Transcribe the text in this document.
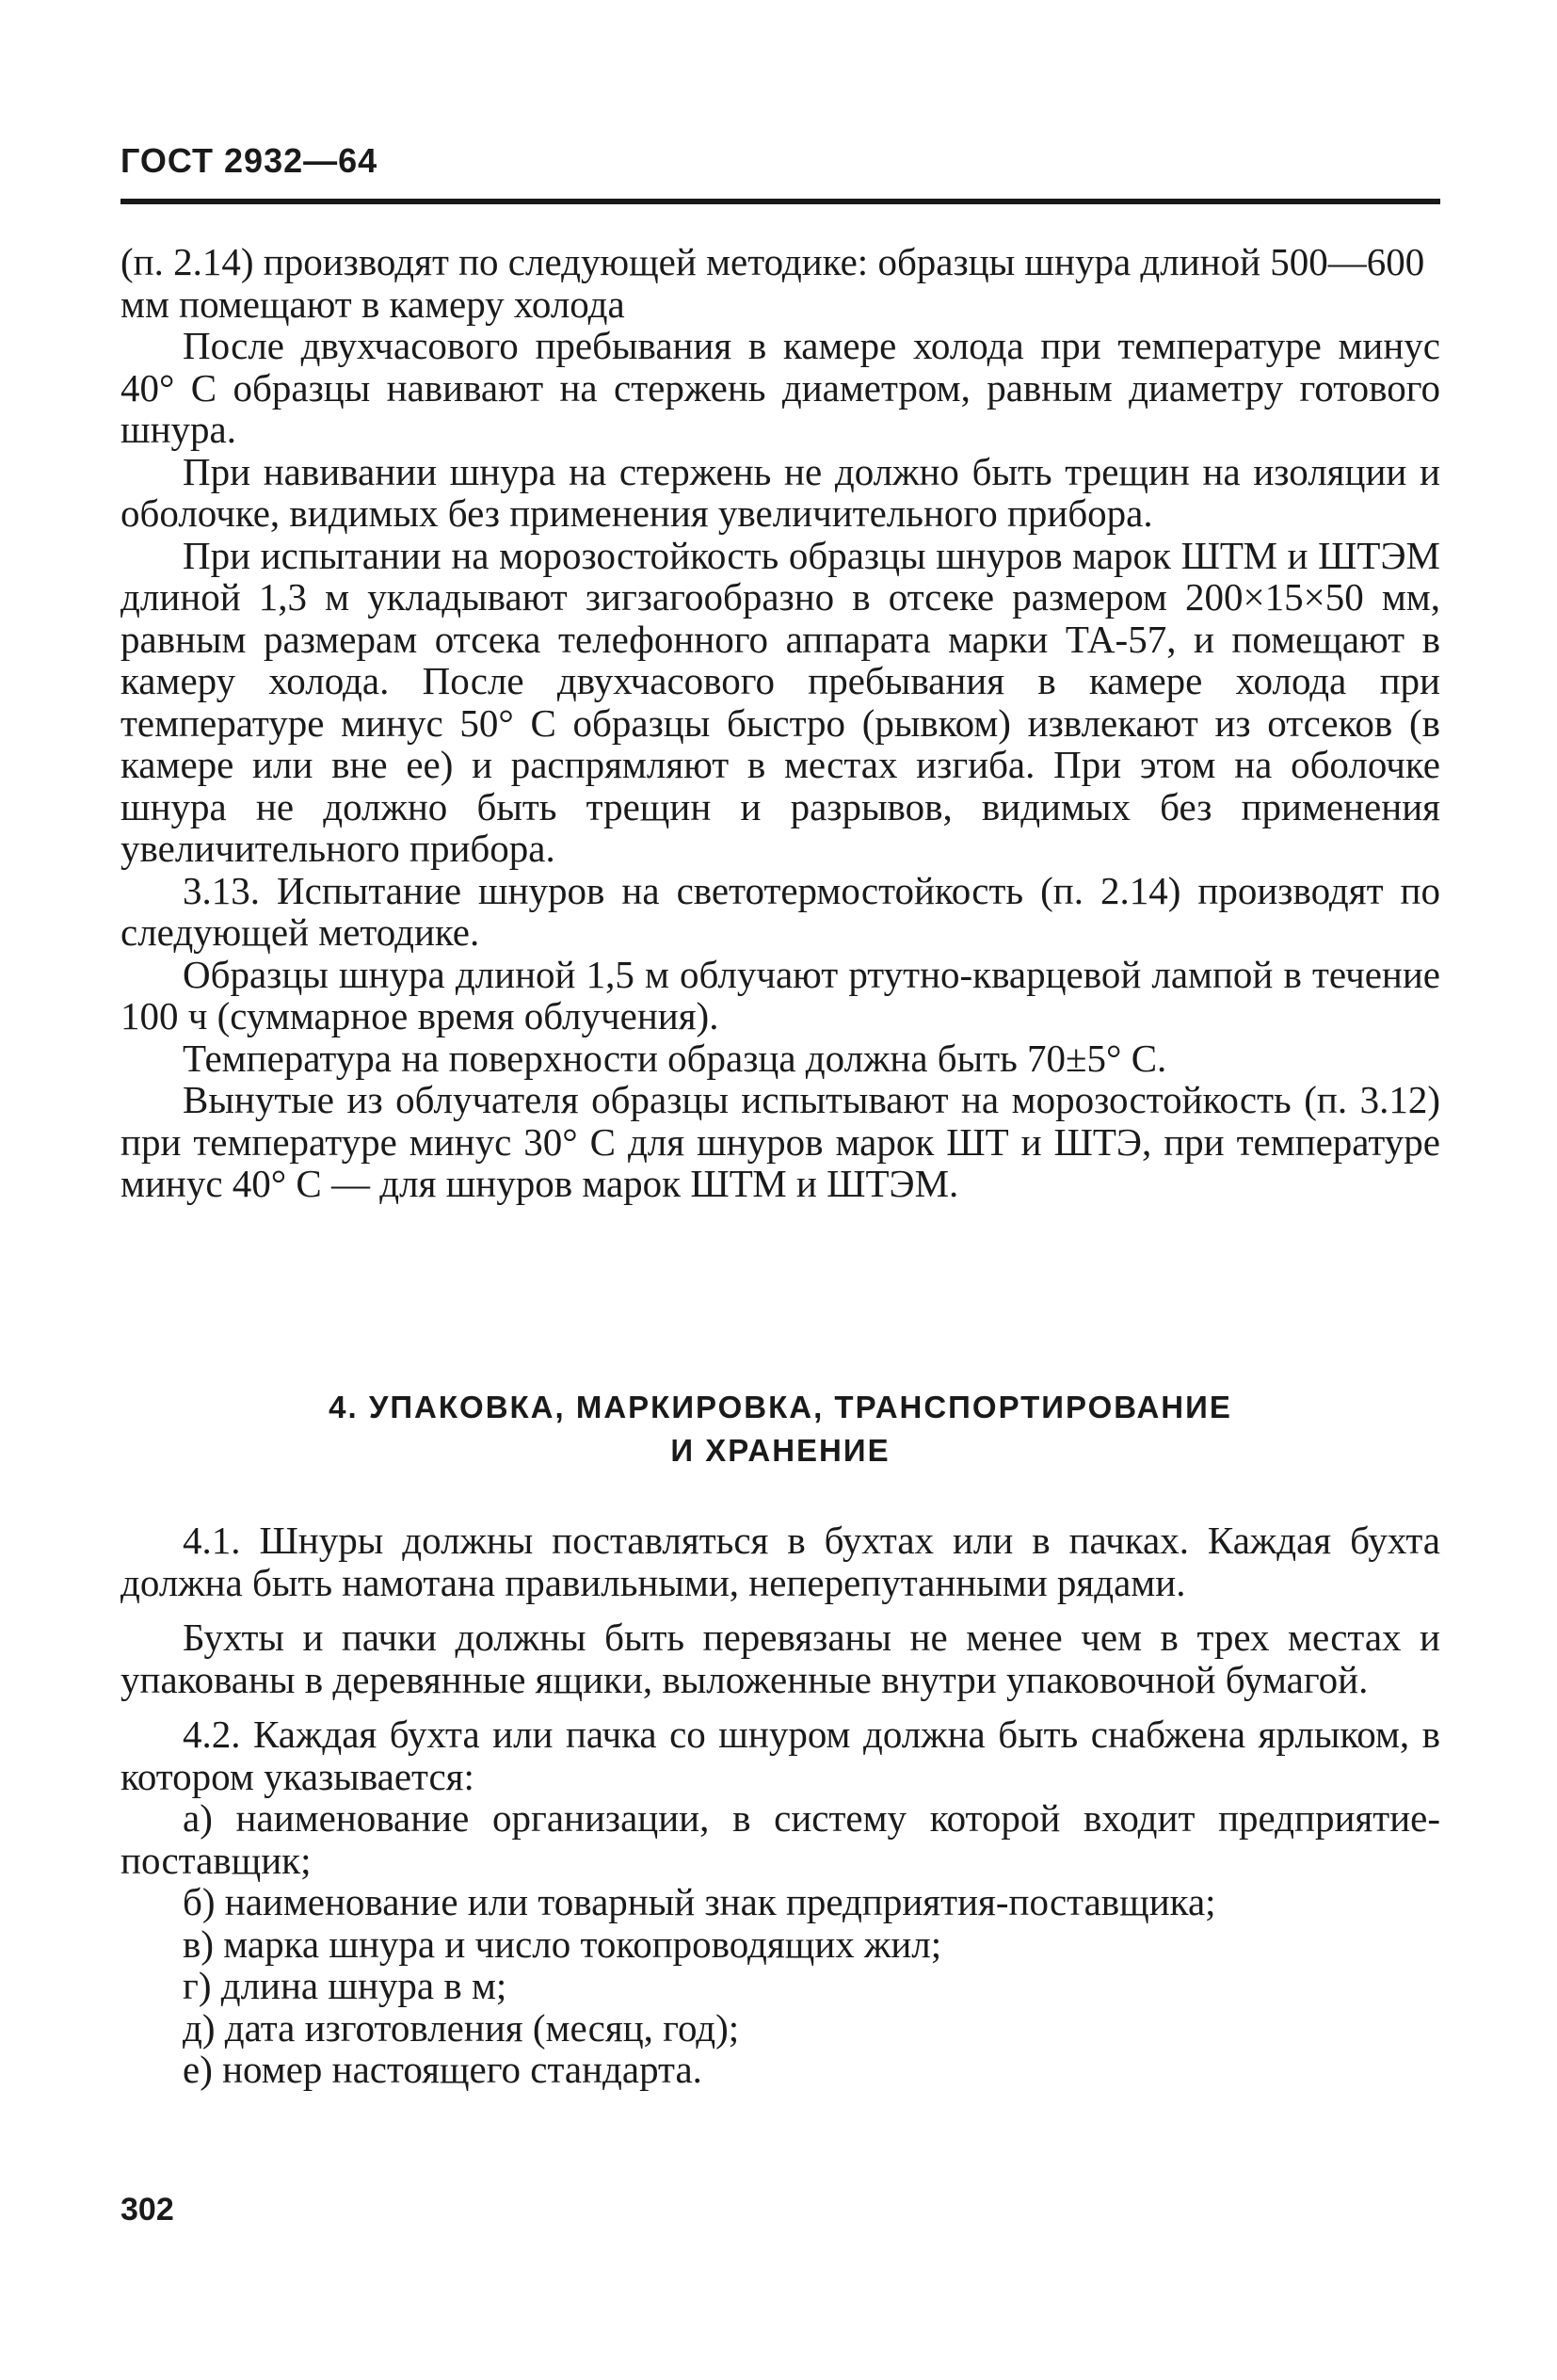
ГОСТ 2932—64

(п. 2.14) производят по следующей методике: образцы шнура длиной 500—600 мм помещают в камеру холода

После двухчасового пребывания в камере холода при температуре минус 40° С образцы навивают на стержень диаметром, равным диаметру готового шнура.

При навивании шнура на стержень не должно быть трещин на изоляции и оболочке, видимых без применения увеличительного прибора.

При испытании на морозостойкость образцы шнуров марок ШТМ и ШТЭМ длиной 1,3 м укладывают зигзагообразно в отсеке размером 200×15×50 мм, равным размерам отсека телефонного аппарата марки ТА-57, и помещают в камеру холода. После двухчасового пребывания в камере холода при температуре минус 50° С образцы быстро (рывком) извлекают из отсеков (в камере или вне ее) и распрямляют в местах изгиба. При этом на оболочке шнура не должно быть трещин и разрывов, видимых без применения увеличительного прибора.

3.13. Испытание шнуров на светотермостойкость (п. 2.14) производят по следующей методике.

Образцы шнура длиной 1,5 м облучают ртутно-кварцевой лампой в течение 100 ч (суммарное время облучения).

Температура на поверхности образца должна быть 70±5° С.

Вынутые из облучателя образцы испытывают на морозостойкость (п. 3.12) при температуре минус 30° С для шнуров марок ШТ и ШТЭ, при температуре минус 40° С — для шнуров марок ШТМ и ШТЭМ.

4. УПАКОВКА, МАРКИРОВКА, ТРАНСПОРТИРОВАНИЕ
И ХРАНЕНИЕ

4.1. Шнуры должны поставляться в бухтах или в пачках. Каждая бухта должна быть намотана правильными, неперепутанными рядами.

Бухты и пачки должны быть перевязаны не менее чем в трех местах и упакованы в деревянные ящики, выложенные внутри упаковочной бумагой.

4.2. Каждая бухта или пачка со шнуром должна быть снабжена ярлыком, в котором указывается:

а) наименование организации, в систему которой входит предприятие-поставщик;

б) наименование или товарный знак предприятия-поставщика;

в) марка шнура и число токопроводящих жил;

г) длина шнура в м;

д) дата изготовления (месяц, год);

е) номер настоящего стандарта.

302
